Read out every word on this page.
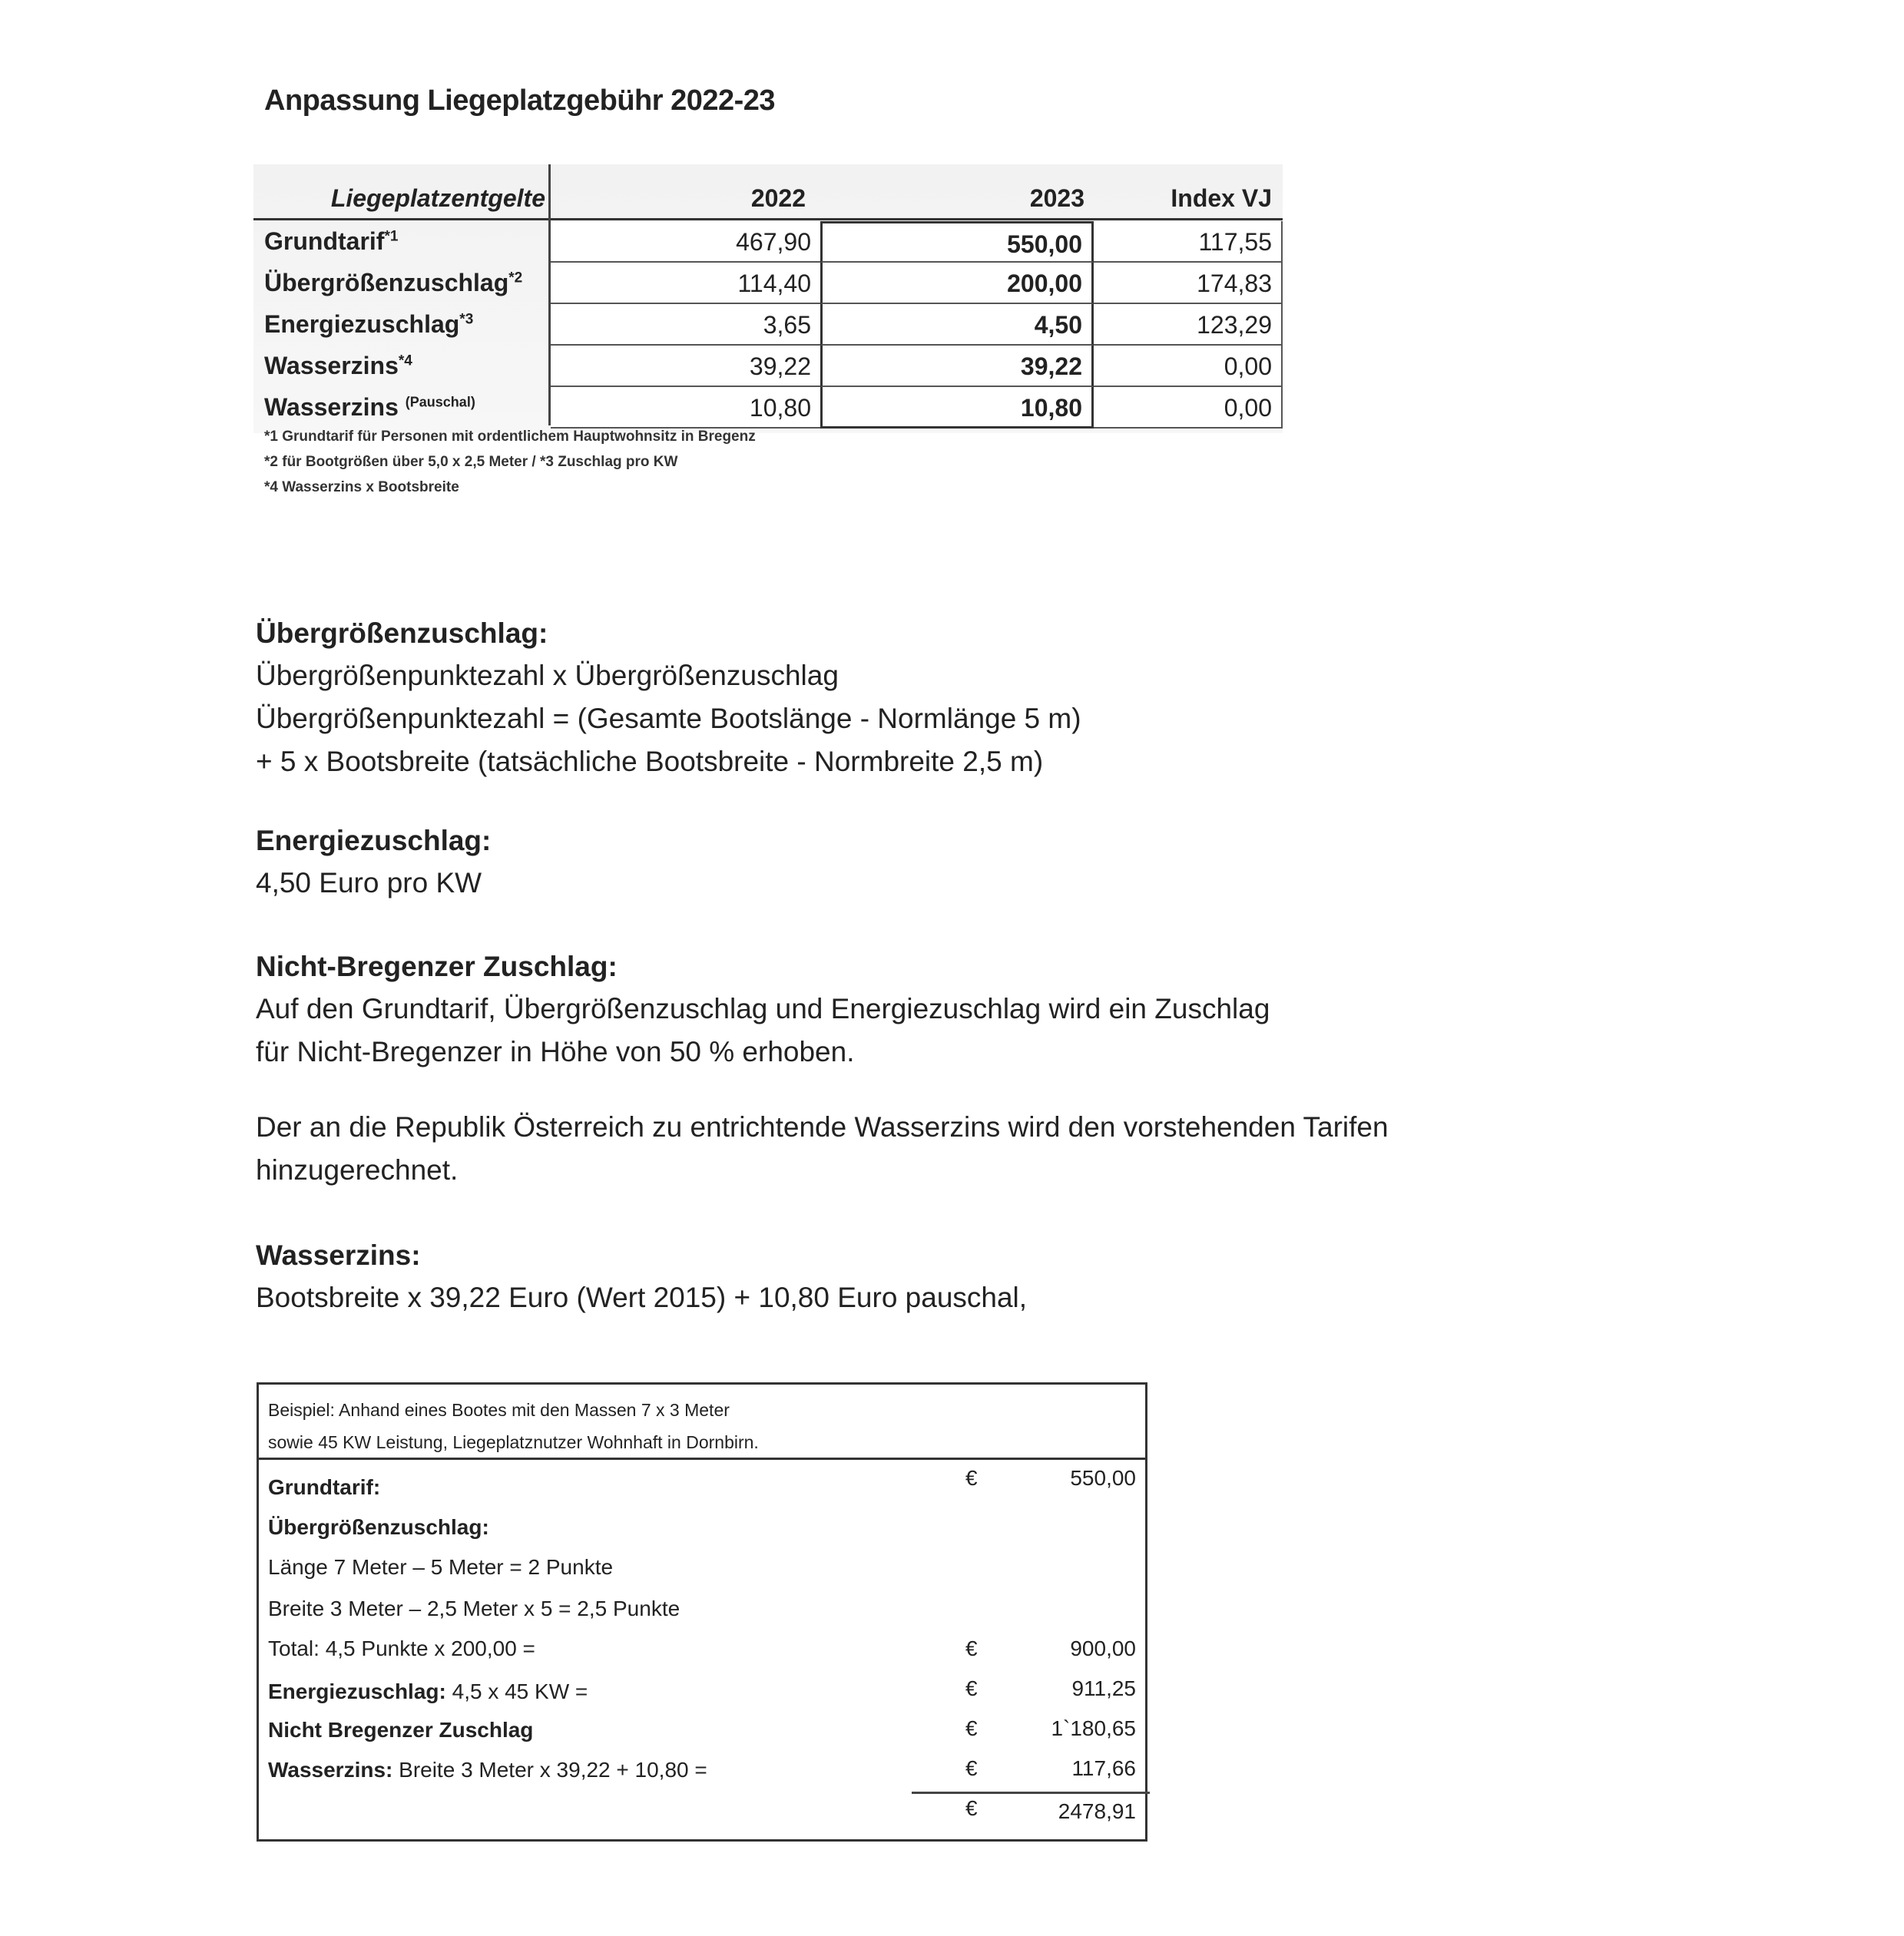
Anpassung Liegeplatzgebühr 2022-23
Liegeplatzentgelte	2022	2023	Index VJ
Grundtarif$^{*1}$	467,90	550,00	117,55
Übergrößenzuschlag$^{*2}$	114,40	200,00	174,83
Energiezuschlag$^{*3}$	3,65	4,50	123,29
Wasserzins$^{*4}$	39,22	39,22	0,00
Wasserzins $^{(Pauschal)}$	10,80	10,80	0,00
*1 Grundtarif für Personen mit ordentlichem Hauptwohnsitz in Bregenz
*2 für Bootgrößen über 5,0 x 2,5 Meter / *3 Zuschlag pro KW
*4 Wasserzins x Bootsbreite
Übergrößenzuschlag:
Übergrößenpunktezahl x Übergrößenzuschlag
Übergrößenpunktezahl = (Gesamte Bootslänge - Normlänge 5 m)
+ 5 x Bootsbreite (tatsächliche Bootsbreite - Normbreite 2,5 m)
Energiezuschlag:
4,50 Euro pro KW
Nicht-Bregenzer Zuschlag:
Auf den Grundtarif, Übergrößenzuschlag und Energiezuschlag wird ein Zuschlag
für Nicht-Bregenzer in Höhe von 50 % erhoben.
Der an die Republik Österreich zu entrichtende Wasserzins wird den vorstehenden Tarifen
hinzugerechnet.
Wasserzins:
Bootsbreite x 39,22 Euro (Wert 2015) + 10,80 Euro pauschal,
Beispiel: Anhand eines Bootes mit den Massen 7 x 3 Meter
sowie 45 KW Leistung, Liegeplatznutzer Wohnhaft in Dornbirn.
Grundtarif:	€	550,00
Übergrößenzuschlag:
Länge 7 Meter – 5 Meter = 2 Punkte
Breite 3 Meter – 2,5 Meter x 5 = 2,5 Punkte
Total: 4,5 Punkte x 200,00 =	€	900,00
Energiezuschlag: 4,5 x 45 KW =	€	911,25
Nicht Bregenzer Zuschlag	€	1`180,65
Wasserzins: Breite 3 Meter x 39,22 + 10,80 =	€	117,66
€	2478,91
